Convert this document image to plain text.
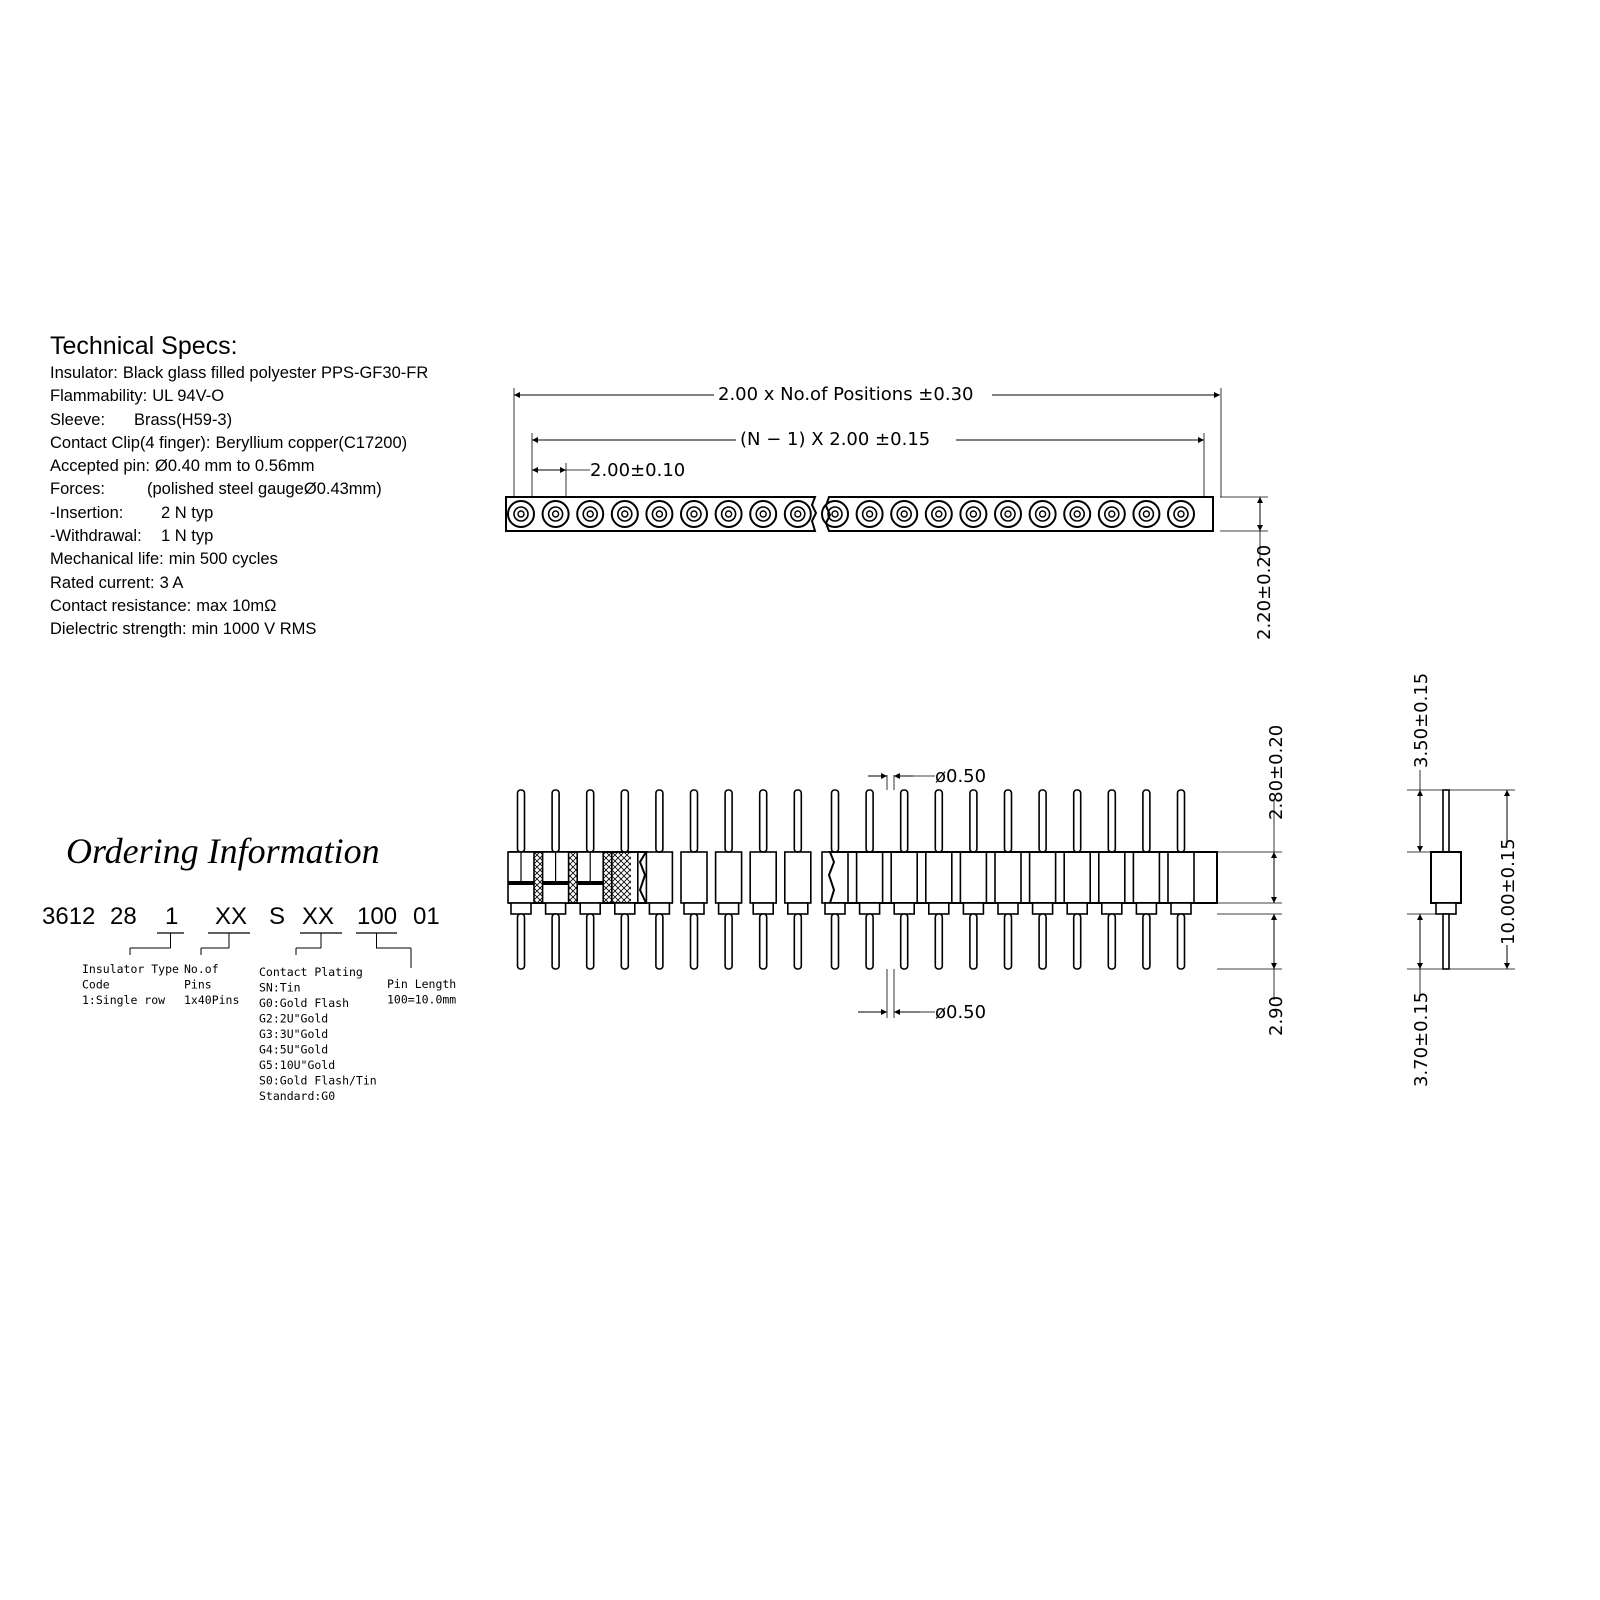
Technical Specs:
Insulator: Black glass filled polyester PPS-GF30-FR
Flammability: UL 94V-O
Sleeve: Brass(H59-3)
Contact Clip(4 finger): Beryllium copper(C17200)
Accepted pin: Ø0.40 mm to 0.56mm
Forces:	(polished steel gaugeØ0.43mm)
-Insertion: 2 N typ
-Withdrawal: 1 N typ
Mechanical life: min 500 cycles
Rated current: 3 A
Contact resistance: max 10mΩ
Dielectric strength: min 1000 V RMS
Ordering Information
2.00 x No.of Positions ±0.30
(N − 1) X 2.00 ±0.15
2.00±0.10
2.20±0.20
ø0.50
ø0.50
2.80±0.20
2.90
3.50±0.15
3.70±0.15
10.00±0.15
3612 28 1 XX S XX 100 01
Insulator Type
Code
1:Single row
No.of
Pins
1x40Pins
Contact Plating
SN:Tin
G0:Gold Flash
G2:2U"Gold
G3:3U"Gold
G4:5U"Gold
G5:10U"Gold
S0:Gold Flash/Tin
Standard:G0
Pin Length
100=10.0mm
